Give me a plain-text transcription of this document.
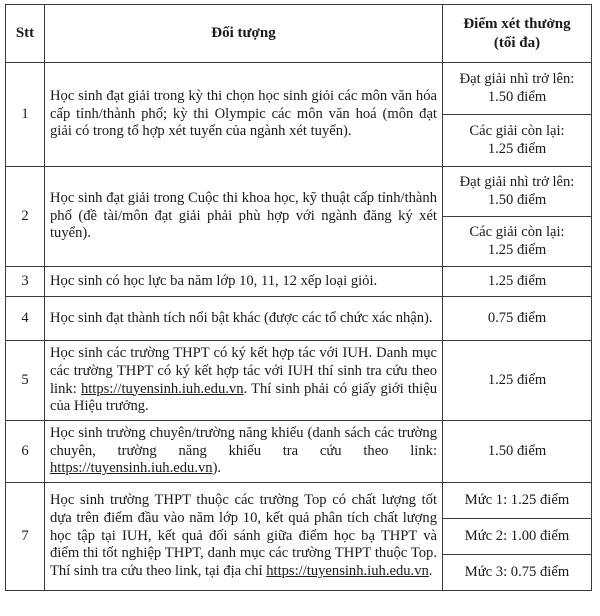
Stt	Đối tượng	Điểm xét thưởng
(tối đa)

1	Học sinh đạt giải trong kỳ thi chọn học sinh giỏi các môn văn hóa cấp tỉnh/thành phố; kỳ thi Olympic các môn văn hoá (môn đạt giải có trong tổ hợp xét tuyển của ngành xét tuyển).	Đạt giải nhì trở lên:
1.50 điểm

		Các giải còn lại:
1.25 điểm

2	Học sinh đạt giải trong Cuộc thi khoa học, kỹ thuật cấp tỉnh/thành phố (đề tài/môn đạt giải phải phù hợp với ngành đăng ký xét tuyển).	Đạt giải nhì trở lên:
1.50 điểm

		Các giải còn lại:
1.25 điểm

3	Học sinh có học lực ba năm lớp 10, 11, 12 xếp loại giỏi.	1.25 điểm
4	Học sinh đạt thành tích nổi bật khác (được các tổ chức xác nhận).	0.75 điểm
5	Học sinh các trường THPT có ký kết hợp tác với IUH. Danh mục các trường THPT có ký kết hợp tác với IUH thí sinh tra cứu theo link: https://tuyensinh.iuh.edu.vn. Thí sinh phải có giấy giới thiệu của Hiệu trưởng.	1.25 điểm
6	Học sinh trường chuyên/trường năng khiếu (danh sách các trường chuyên, trường năng khiếu tra cứu theo link: https://tuyensinh.iuh.edu.vn).	1.50 điểm
7	Học sinh trường THPT thuộc các trường Top có chất lượng tốt dựa trên điểm đầu vào năm lớp 10, kết quả phân tích chất lượng học tập tại IUH, kết quả đối sánh giữa điểm học bạ THPT và điểm thi tốt nghiệp THPT, danh mục các trường THPT thuộc Top. Thí sinh tra cứu theo link, tại địa chỉ https://tuyensinh.iuh.edu.vn.	Mức 1: 1.25 điểm
		Mức 2: 1.00 điểm
		Mức 3: 0.75 điểm
